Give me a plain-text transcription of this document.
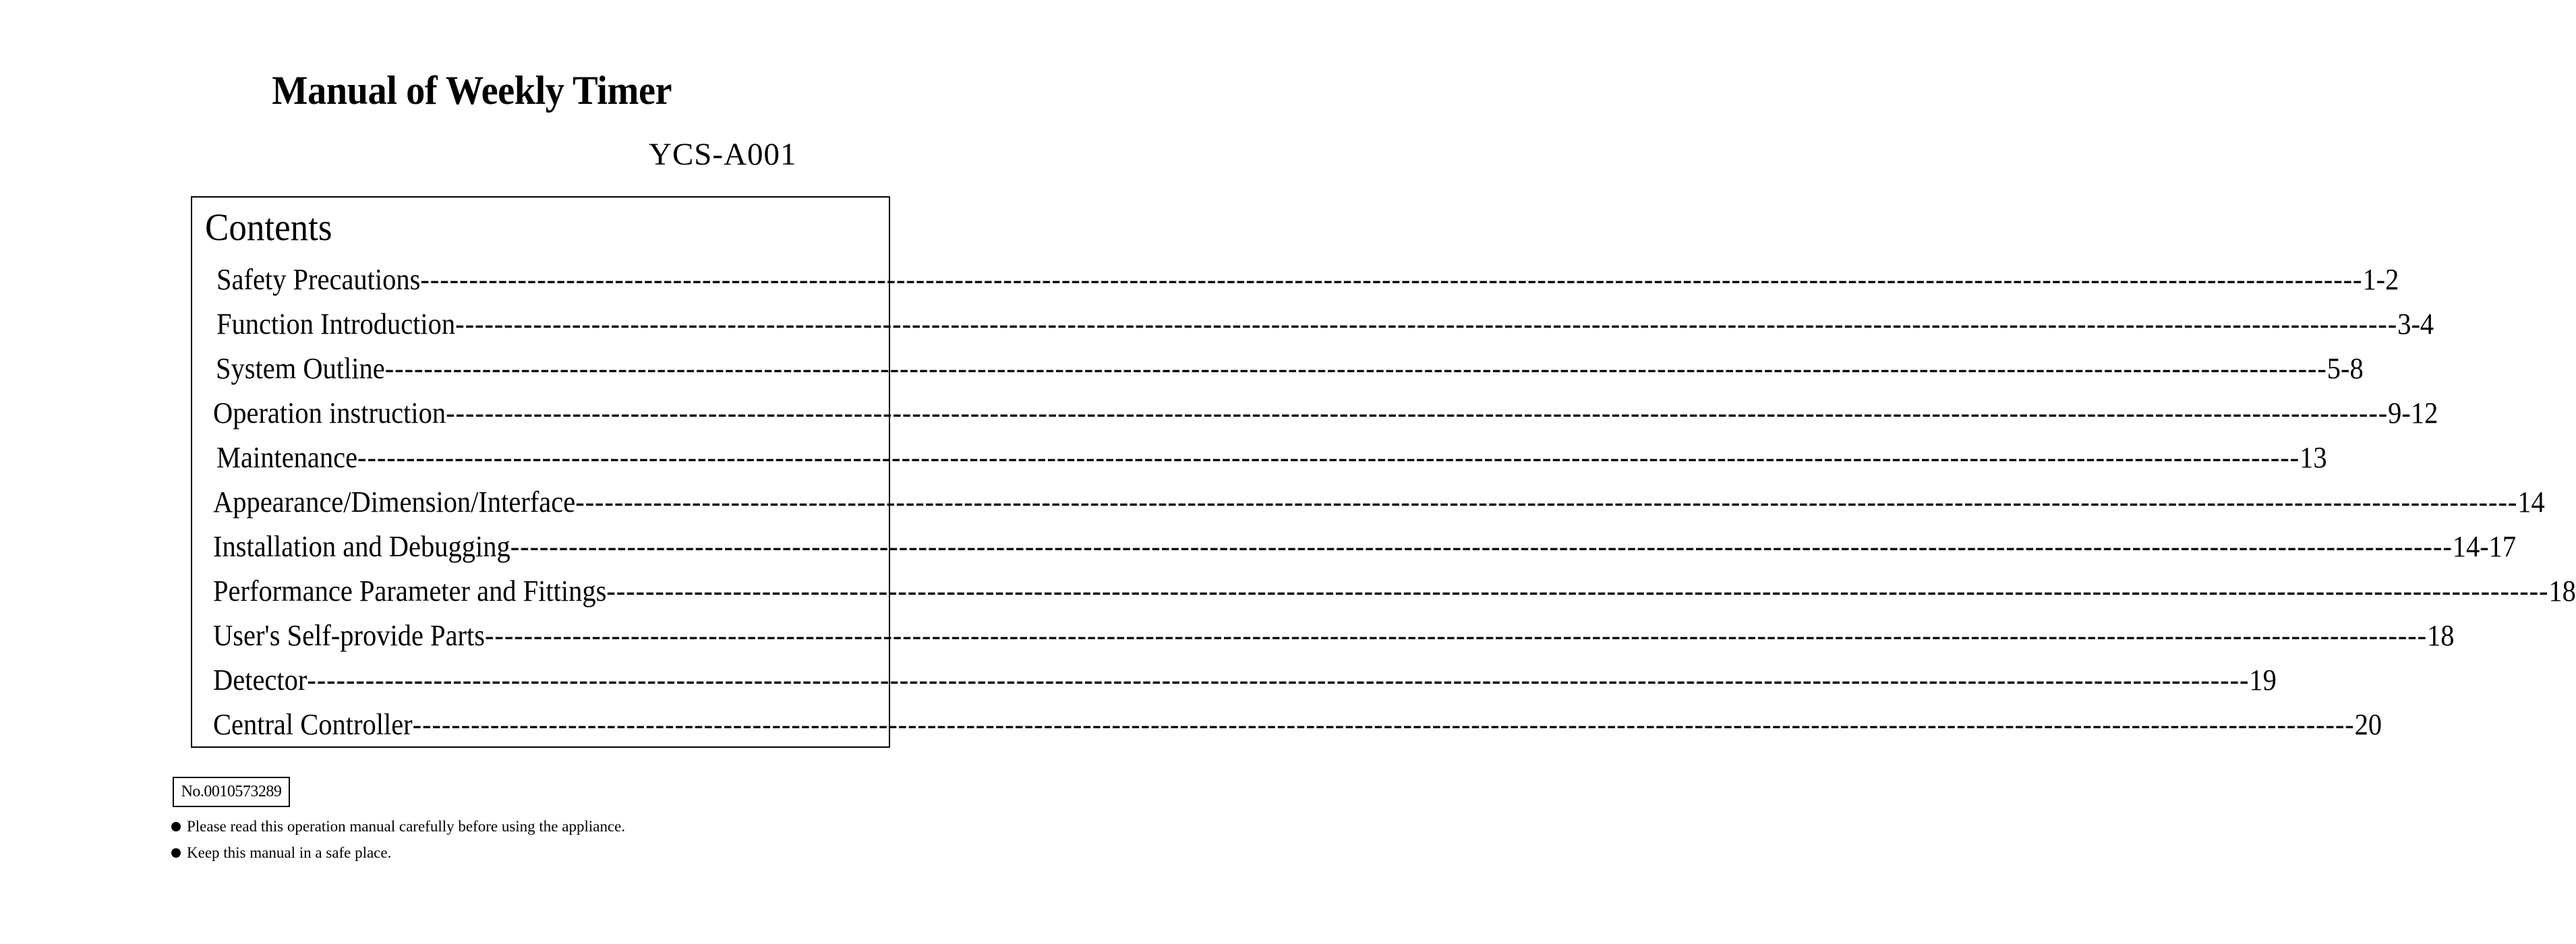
Manual of Weekly Timer
YCS-A001
Contents
Safety Precautions -------------------------------------------------------------------------------------------------------------------------------------------------------------------------------------------------------- 1-2
Function Introduction -------------------------------------------------------------------------------------------------------------------------------------------------------------------------------------------------------- 3-4
System Outline -------------------------------------------------------------------------------------------------------------------------------------------------------------------------------------------------------- 5-8
Operation instruction -------------------------------------------------------------------------------------------------------------------------------------------------------------------------------------------------------- 9-12
Maintenance -------------------------------------------------------------------------------------------------------------------------------------------------------------------------------------------------------- 13
Appearance/Dimension/Interface -------------------------------------------------------------------------------------------------------------------------------------------------------------------------------------------------------- 14
Installation and Debugging -------------------------------------------------------------------------------------------------------------------------------------------------------------------------------------------------------- 14-17
Performance Parameter and Fittings -------------------------------------------------------------------------------------------------------------------------------------------------------------------------------------------------------- 18
User's Self-provide Parts -------------------------------------------------------------------------------------------------------------------------------------------------------------------------------------------------------- 18
Detector -------------------------------------------------------------------------------------------------------------------------------------------------------------------------------------------------------- 19
Central Controller -------------------------------------------------------------------------------------------------------------------------------------------------------------------------------------------------------- 20
No.0010573289
Please read this operation manual carefully before using the appliance.
Keep this manual in a safe place.
